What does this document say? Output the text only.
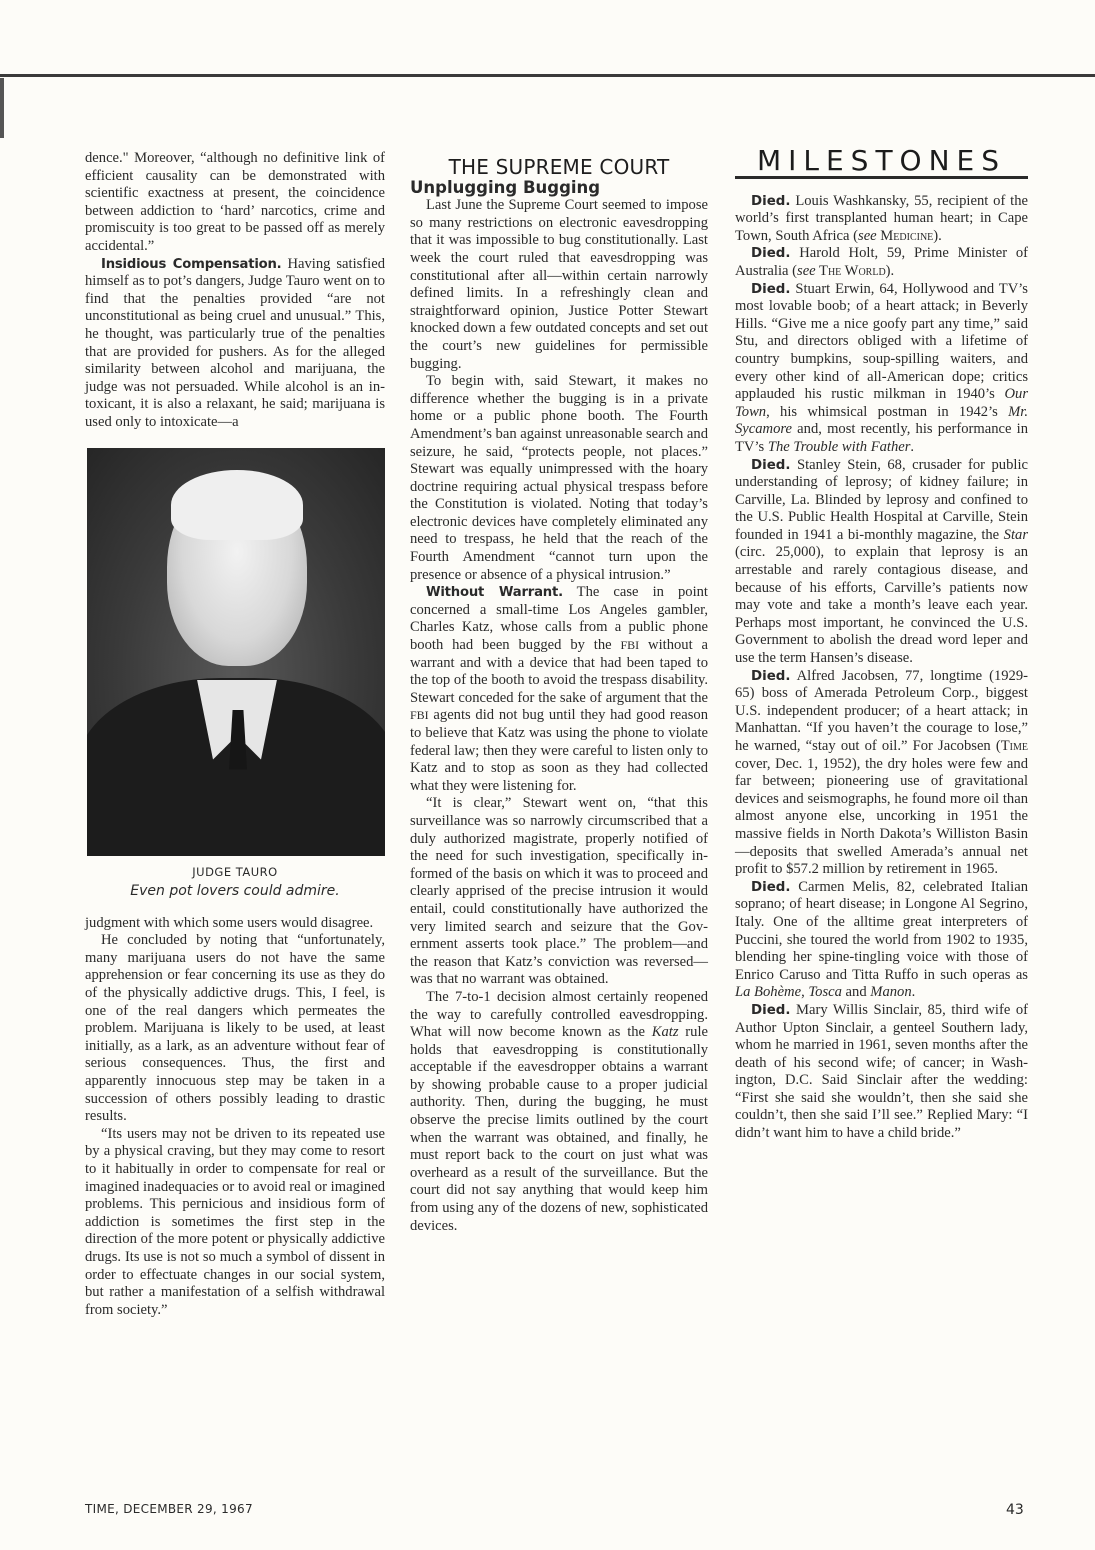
dence." Moreover, “although no definitive link of efficient causality can be demonstrated with scientific exactness at present, the coincidence between addiction to ‘hard’ narcotics, crime and promiscuity is too great to be passed off as merely accidental.”

Insidious Compensation. Having satisfied himself as to pot’s dangers, Judge Tauro went on to find that the penalties provided “are not unconstitutional as being cruel and unusual.” This, he thought, was particularly true of the penalties that are provided for pushers. As for the alleged similarity between alcohol and marijuana, the judge was not persuaded. While alcohol is an intoxicant, it is also a relaxant, he said; marijuana is used only to intoxicate—a

JUDGE TAURO
Even pot lovers could admire.

judgment with which some users would disagree.

He concluded by noting that “unfortunately, many marijuana users do not have the same apprehension or fear concerning its use as they do of the physically addictive drugs. This, I feel, is one of the real dangers which permeates the problem. Marijuana is likely to be used, at least initially, as a lark, as an adventure without fear of serious consequences. Thus, the first and apparently innocuous step may be taken in a succession of others possibly leading to drastic results.

“Its users may not be driven to its repeated use by a physical craving, but they may come to resort to it habitually in order to compensate for real or imagined inadequacies or to avoid real or imagined problems. This pernicious and insidious form of addiction is sometimes the first step in the direction of the more potent or physically addictive drugs. Its use is not so much a symbol of dissent in order to effectuate changes in our social system, but rather a manifestation of a selfish withdrawal from society.”

THE SUPREME COURT
Unplugging Bugging

Last June the Supreme Court seemed to impose so many restrictions on electronic eavesdropping that it was impossible to bug constitutionally. Last week the court ruled that eavesdropping was constitutional after all—within certain narrowly defined limits. In a refreshingly clean and straightforward opinion, Justice Potter Stewart knocked down a few outdated concepts and set out the court’s new guidelines for permissible bugging.

To begin with, said Stewart, it makes no difference whether the bugging is in a private home or a public phone booth. The Fourth Amendment’s ban against unreasonable search and seizure, he said, “protects people, not places.” Stewart was equally unimpressed with the hoary doctrine requiring actual physical trespass before the Constitution is violated. Noting that today’s electronic devices have completely eliminated any need to trespass, he held that the reach of the Fourth Amendment “cannot turn upon the presence or absence of a physical intrusion.”

Without Warrant. The case in point concerned a small-time Los Angeles gambler, Charles Katz, whose calls from a public phone booth had been bugged by the FBI without a warrant and with a device that had been taped to the top of the booth to avoid the trespass disability. Stewart conceded for the sake of argument that the FBI agents did not bug until they had good reason to believe that Katz was using the phone to violate federal law; then they were careful to listen only to Katz and to stop as soon as they had collected what they were listening for.

“It is clear,” Stewart went on, “that this surveillance was so narrowly circumscribed that a duly authorized magistrate, properly notified of the need for such investigation, specifically informed of the basis on which it was to proceed and clearly apprised of the precise intrusion it would entail, could constitutionally have authorized the very limited search and seizure that the Government asserts took place.” The problem—and the reason that Katz’s conviction was reversed—was that no warrant was obtained.

The 7-to-1 decision almost certainly reopened the way to carefully controlled eavesdropping. What will now become known as the Katz rule holds that eavesdropping is constitutionally acceptable if the eavesdropper obtains a warrant by showing probable cause to a proper judicial authority. Then, during the bugging, he must observe the precise limits outlined by the court when the warrant was obtained, and finally, he must report back to the court on just what was overheard as a result of the surveillance. But the court did not say anything that would keep him from using any of the dozens of new, sophisticated devices.

MILESTONES

Died. Louis Washkansky, 55, recipient of the world’s first transplanted human heart; in Cape Town, South Africa (see Medicine).

Died. Harold Holt, 59, Prime Minister of Australia (see The World).

Died. Stuart Erwin, 64, Hollywood and TV’s most lovable boob; of a heart attack; in Beverly Hills. “Give me a nice goofy part any time,” said Stu, and directors obliged with a lifetime of country bumpkins, soup-spilling waiters, and every other kind of all-American dope; critics applauded his rustic milkman in 1940’s Our Town, his whimsical postman in 1942’s Mr. Sycamore and, most recently, his performance in TV’s The Trouble with Father.

Died. Stanley Stein, 68, crusader for public understanding of leprosy; of kidney failure; in Carville, La. Blinded by leprosy and confined to the U.S. Public Health Hospital at Carville, Stein founded in 1941 a bi-monthly magazine, the Star (circ. 25,000), to explain that leprosy is an arrestable and rarely contagious disease, and because of his efforts, Carville’s patients now may vote and take a month’s leave each year. Perhaps most important, he convinced the U.S. Government to abolish the dread word leper and use the term Hansen’s disease.

Died. Alfred Jacobsen, 77, longtime (1929-65) boss of Amerada Petroleum Corp., biggest U.S. independent producer; of a heart attack; in Manhattan. “If you haven’t the courage to lose,” he warned, “stay out of oil.” For Jacobsen (Time cover, Dec. 1, 1952), the dry holes were few and far between; pioneering use of gravitational devices and seismographs, he found more oil than almost anyone else, uncorking in 1951 the massive fields in North Dakota’s Williston Basin—deposits that swelled Amerada’s annual net profit to $57.2 million by retirement in 1965.

Died. Carmen Melis, 82, celebrated Italian soprano; of heart disease; in Longone Al Segrino, Italy. One of the alltime great interpreters of Puccini, she toured the world from 1902 to 1935, blending her spine-tingling voice with those of Enrico Caruso and Titta Ruffo in such operas as La Bohème, Tosca and Manon.

Died. Mary Willis Sinclair, 85, third wife of Author Upton Sinclair, a genteel Southern lady, whom he married in 1961, seven months after the death of his second wife; of cancer; in Washington, D.C. Said Sinclair after the wedding: “First she said she wouldn’t, then she said she couldn’t, then she said I’ll see.” Replied Mary: “I didn’t want him to have a child bride.”

TIME, DECEMBER 29, 1967	43
